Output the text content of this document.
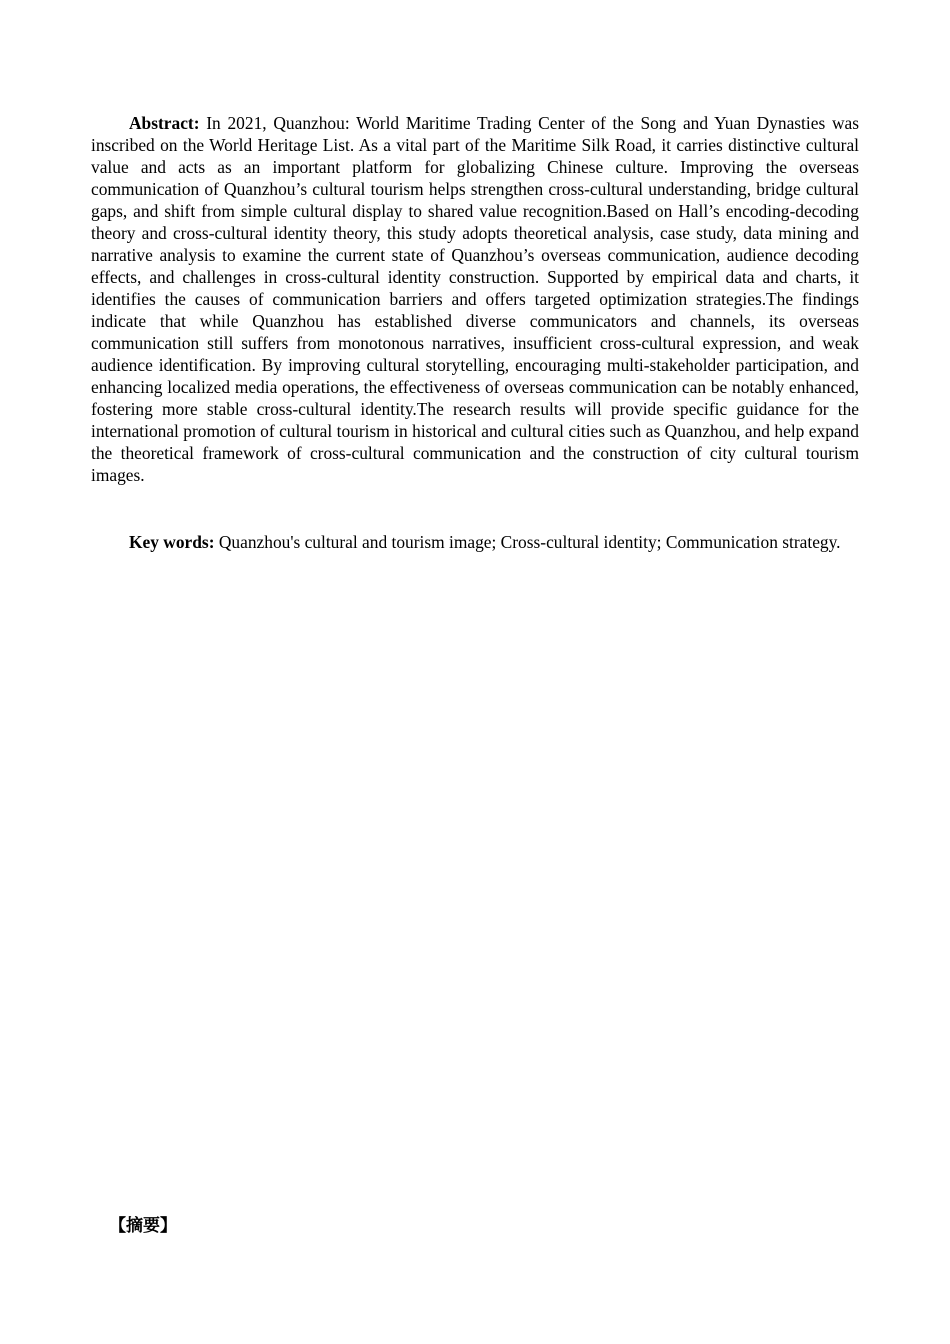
Abstract: In 2021, Quanzhou: World Maritime Trading Center of the Song and Yuan Dynasties was inscribed on the World Heritage List. As a vital part of the Maritime Silk Road, it carries distinctive cultural value and acts as an important platform for globalizing Chinese culture. Improving the overseas communication of Quanzhou’s cultural tourism helps strengthen cross-cultural understanding, bridge cultural gaps, and shift from simple cultural display to shared value recognition.Based on Hall’s encoding-decoding theory and cross-cultural identity theory, this study adopts theoretical analysis, case study, data mining and narrative analysis to examine the current state of Quanzhou’s overseas communication, audience decoding effects, and challenges in cross-cultural identity construction. Supported by empirical data and charts, it identifies the causes of communication barriers and offers targeted optimization strategies.The findings indicate that while Quanzhou has established diverse communicators and channels, its overseas communication still suffers from monotonous narratives, insufficient cross-cultural expression, and weak audience identification. By improving cultural storytelling, encouraging multi-stakeholder participation, and enhancing localized media operations, the effectiveness of overseas communication can be notably enhanced, fostering more stable cross-cultural identity.The research results will provide specific guidance for the international promotion of cultural tourism in historical and cultural cities such as Quanzhou, and help expand the theoretical framework of cross-cultural communication and the construction of city cultural tourism images.

Key words: Quanzhou's cultural and tourism image; Cross-cultural identity; Communication strategy.

【摘要】
